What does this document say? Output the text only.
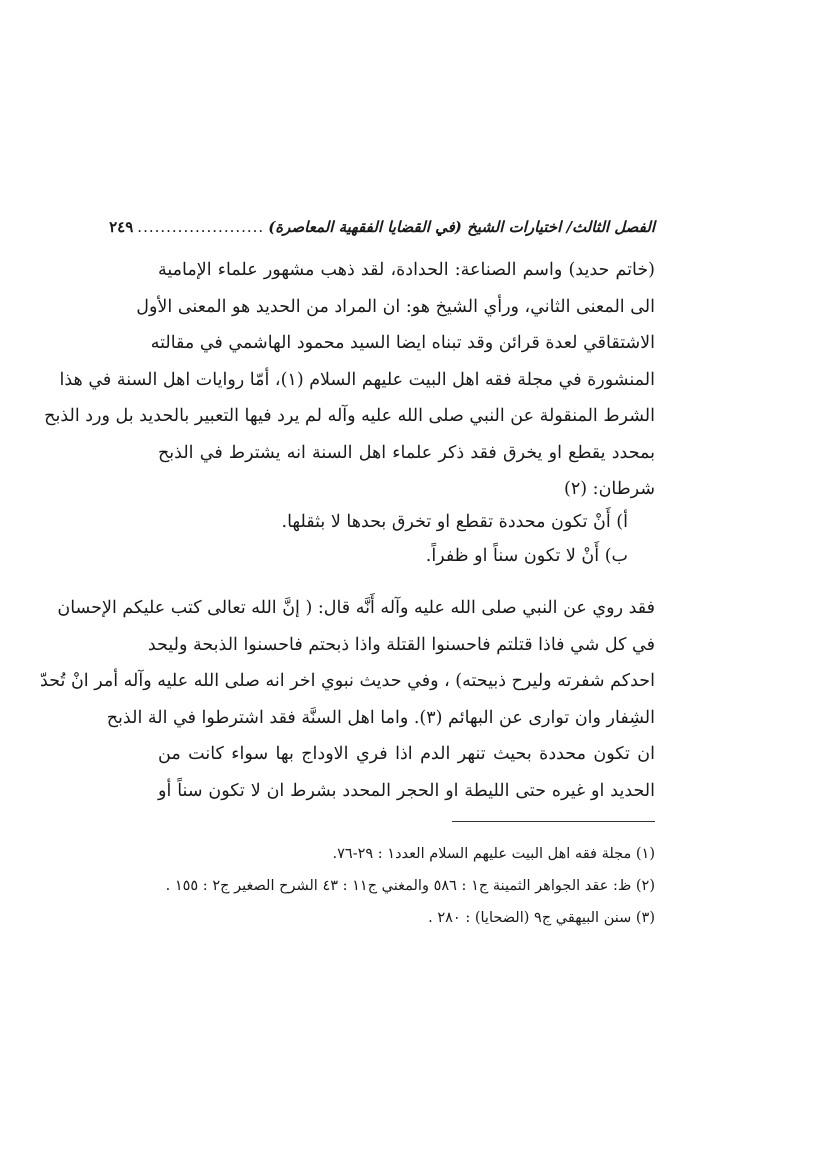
الفصل الثالث/ اختيارات الشيخ (في القضايا الفقهية المعاصرة)
......................
٢٤٩
(خاتم حديد) واسم الصناعة: الحدادة، لقد ذهب مشهور علماء الإمامية
الى المعنى الثاني، ورأي الشيخ هو: ان المراد من الحديد هو المعنى الأول
الاشتقاقي لعدة قرائن وقد تبناه ايضا السيد محمود الهاشمي في مقالته
المنشورة في مجلة فقه اهل البيت عليهم السلام (١)، أمّا روايات اهل السنة في هذا
الشرط المنقولة عن النبي صلى الله عليه وآله لم يرد فيها التعبير بالحديد بل ورد الذبح
بمحدد يقطع او يخرق فقد ذكر علماء اهل السنة انه يشترط في الذبح
شرطان: (٢)
أ) أَنْ تكون محددة تقطع او تخرق بحدها لا بثقلها.
ب) أَنْ لا تكون سناً او ظفراً.
فقد روي عن النبي صلى الله عليه وآله أَنَّه قال: ( إنَّ الله تعالى كتب عليكم الإحسان
في كل شي فاذا قتلتم فاحسنوا القتلة واذا ذبحتم فاحسنوا الذبحة وليحد
احدكم شفرته وليرح ذبيحته) ، وفي حديث نبوي اخر انه صلى الله عليه وآله أمر انْ تُحدّ
الشِفار وان توارى عن البهائم (٣). واما اهل السنَّة فقد اشترطوا في الة الذبح
ان تكون محددة بحيث تنهر الدم اذا فري الاوداج بها سواء كانت من
الحديد او غيره حتى الليطة او الحجر المحدد بشرط ان لا تكون سناً أو
(١) مجلة فقه اهل البيت عليهم السلام العدد١ : ٢٩-٧٦.
(٢) ظ: عقد الجواهر الثمينة ج١ : ٥٨٦ والمغني ج١١ : ٤٣ الشرح الصغير ج٢ : ١٥٥ .
(٣) سنن البيهقي ج٩ (الضحايا) : ٢٨٠ .
